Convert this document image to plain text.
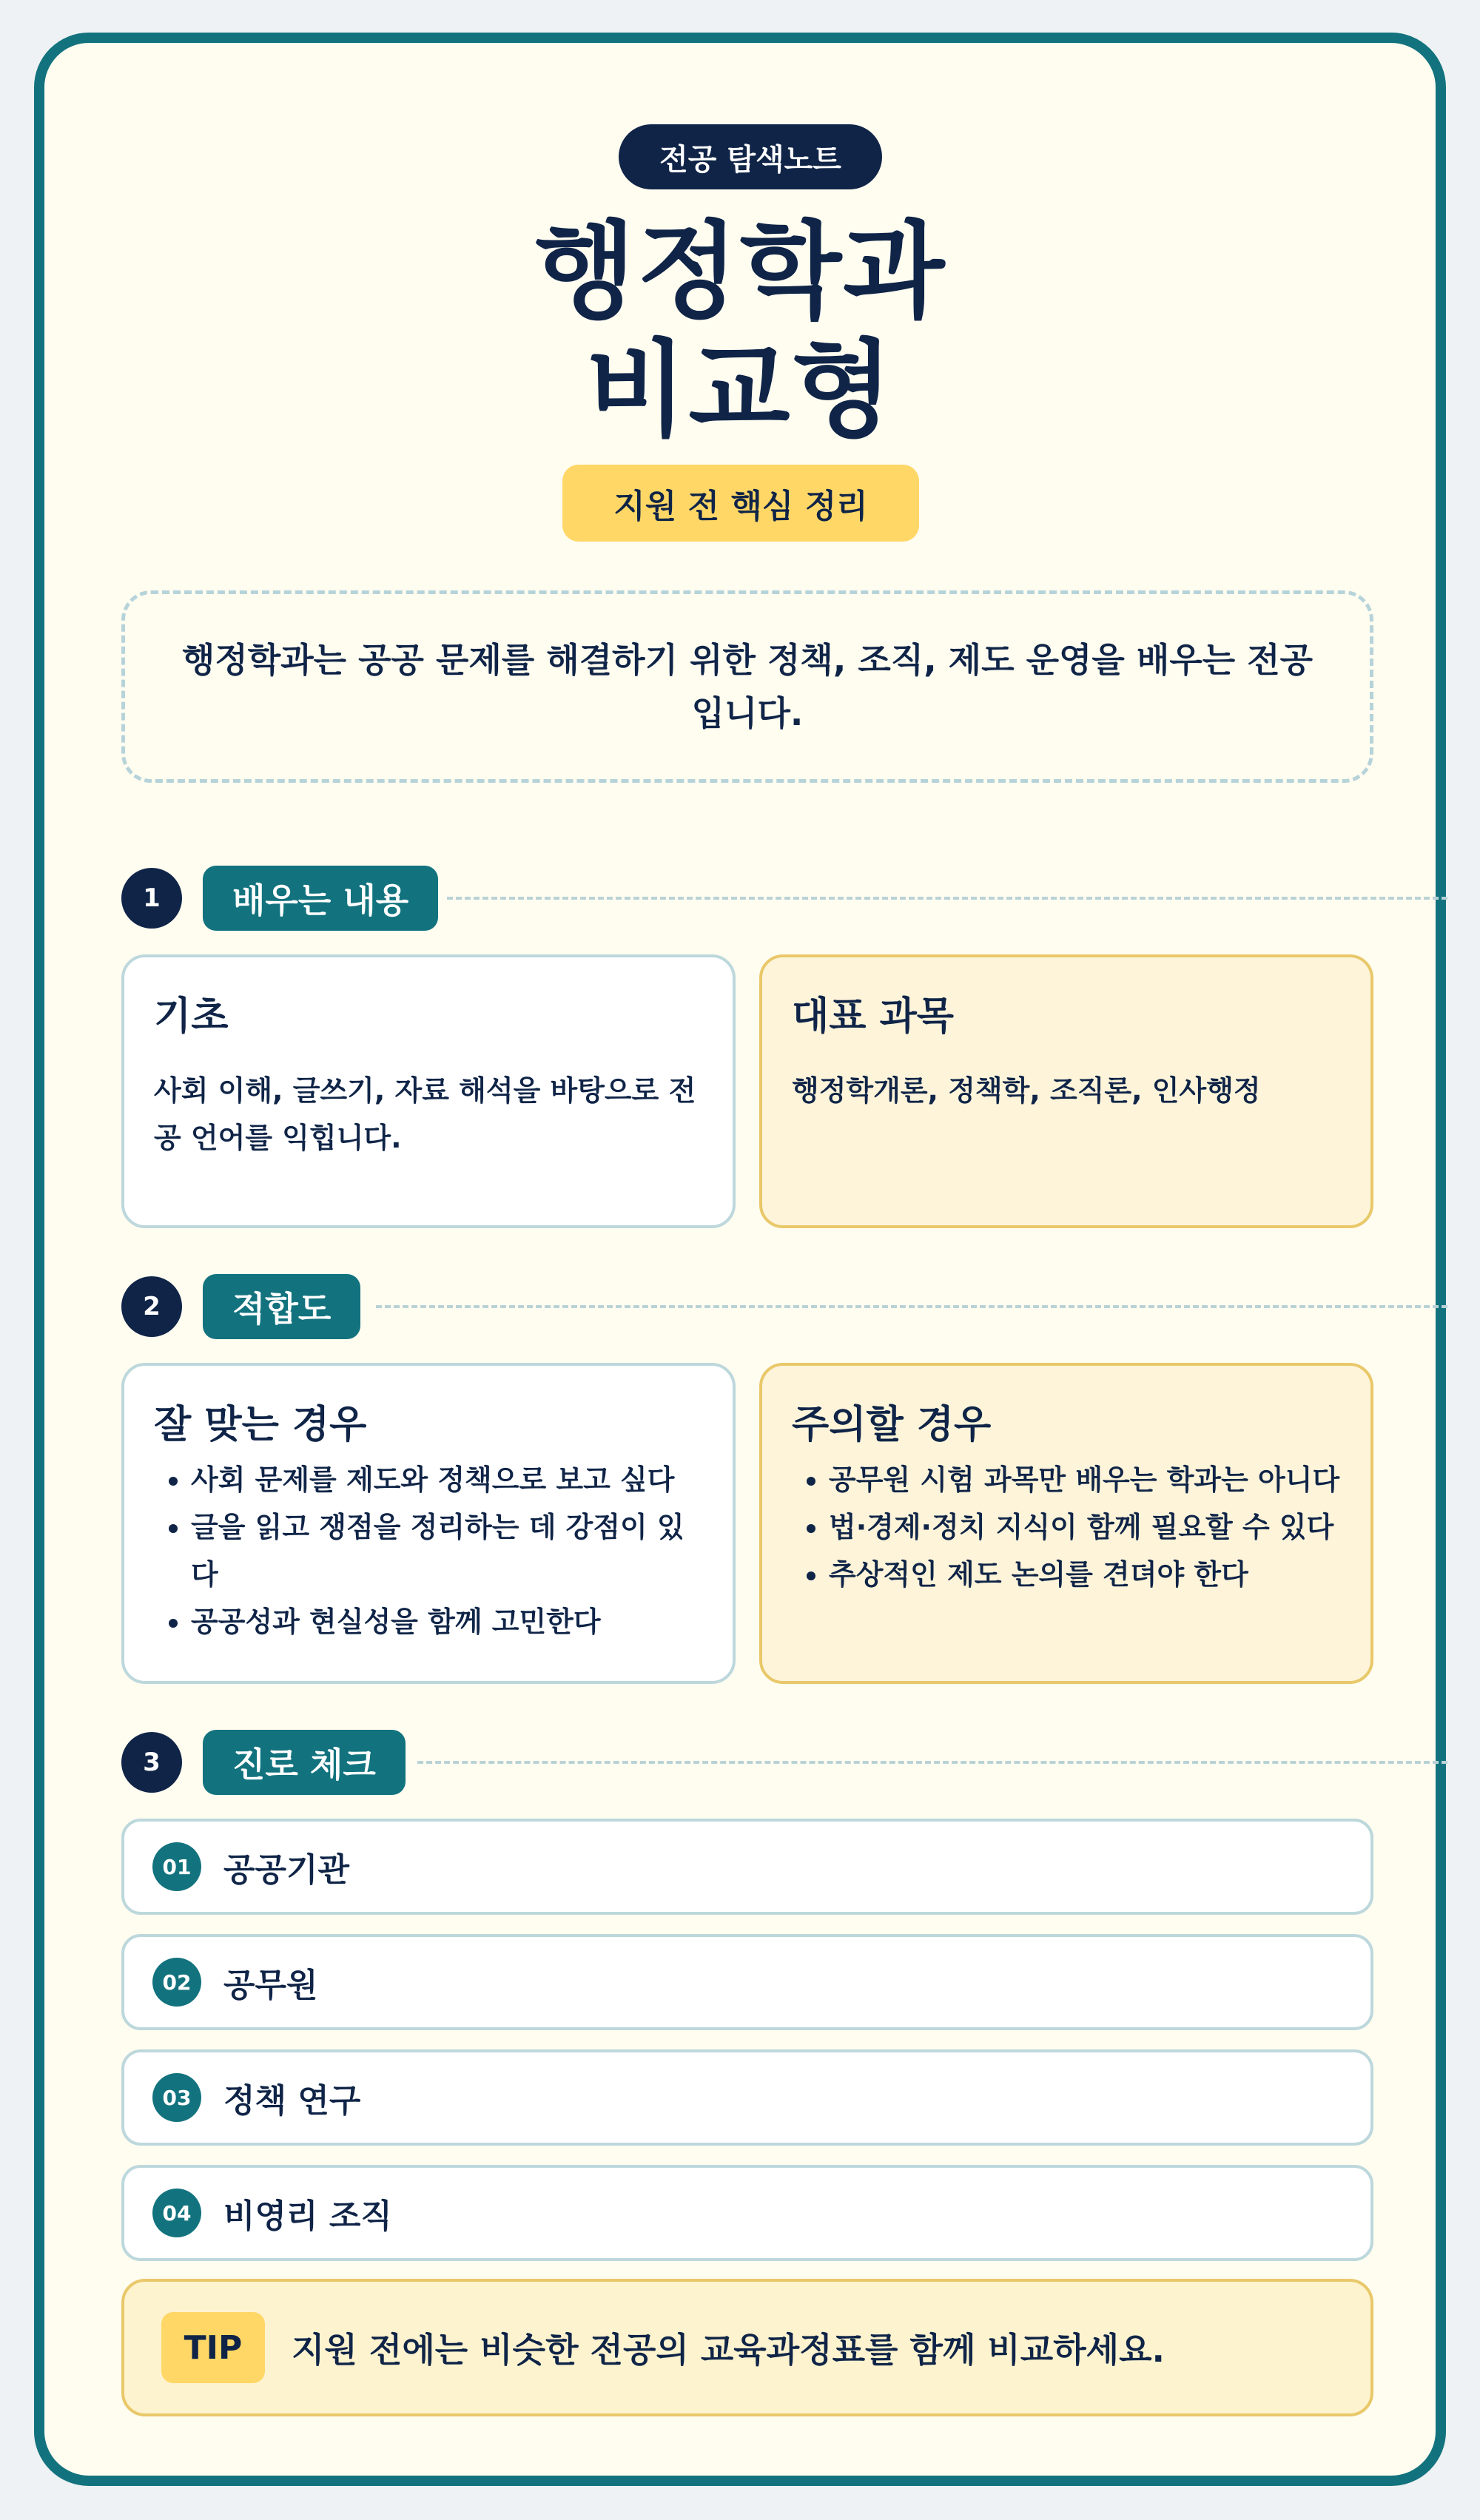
전공 탐색노트
행정학과
비교형
지원 전 핵심 정리
행정학과는 공공 문제를 해결하기 위한 정책, 조직, 제도 운영을 배우는 전공입니다.
1	배우는 내용
기초

사회 이해, 글쓰기, 자료 해석을 바탕으로 전공 언어를 익힙니다.

대표 과목

행정학개론, 정책학, 조직론, 인사행정

2	적합도
잘 맞는 경우
• 사회 문제를 제도와 정책으로 보고 싶다
• 글을 읽고 쟁점을 정리하는 데 강점이 있다
• 공공성과 현실성을 함께 고민한다
주의할 경우
• 공무원 시험 과목만 배우는 학과는 아니다
• 법·경제·정치 지식이 함께 필요할 수 있다
• 추상적인 제도 논의를 견뎌야 한다
3	진로 체크
01 공공기관
02 공무원
03 정책 연구
04 비영리 조직
TIP	지원 전에는 비슷한 전공의 교육과정표를 함께 비교하세요.
